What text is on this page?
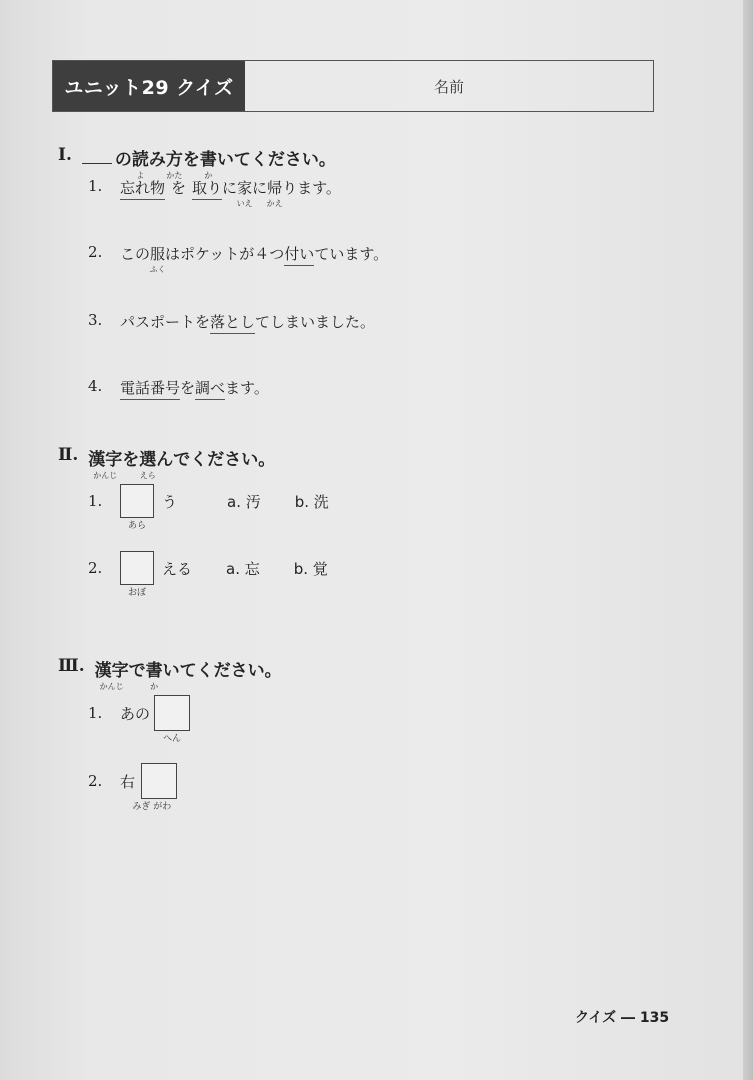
ユニット29 クイズ	名前
Ⅰ.	の 読
よ
み 方
かた
を 書
か
いてください。
1.	忘れ物 を 取り に 家
いえ
に 帰
かえ
ります。
2.	この 服
ふく
はポケットが４つ 付い ています。
3.	パスポートを 落とし てしまいました。
4.	電話番号 を 調べ ます。
Ⅱ. 漢字
かんじ
を 選
えら
んでください。
1.
あら
う	a. 汚 b. 洗
2.
おぼ
える a. 忘 b. 覚
Ⅲ. 漢字
かんじ
で 書
か
いてください。
1.	あの
へん
2.	右
みぎ がわ
クイズ ― 135
